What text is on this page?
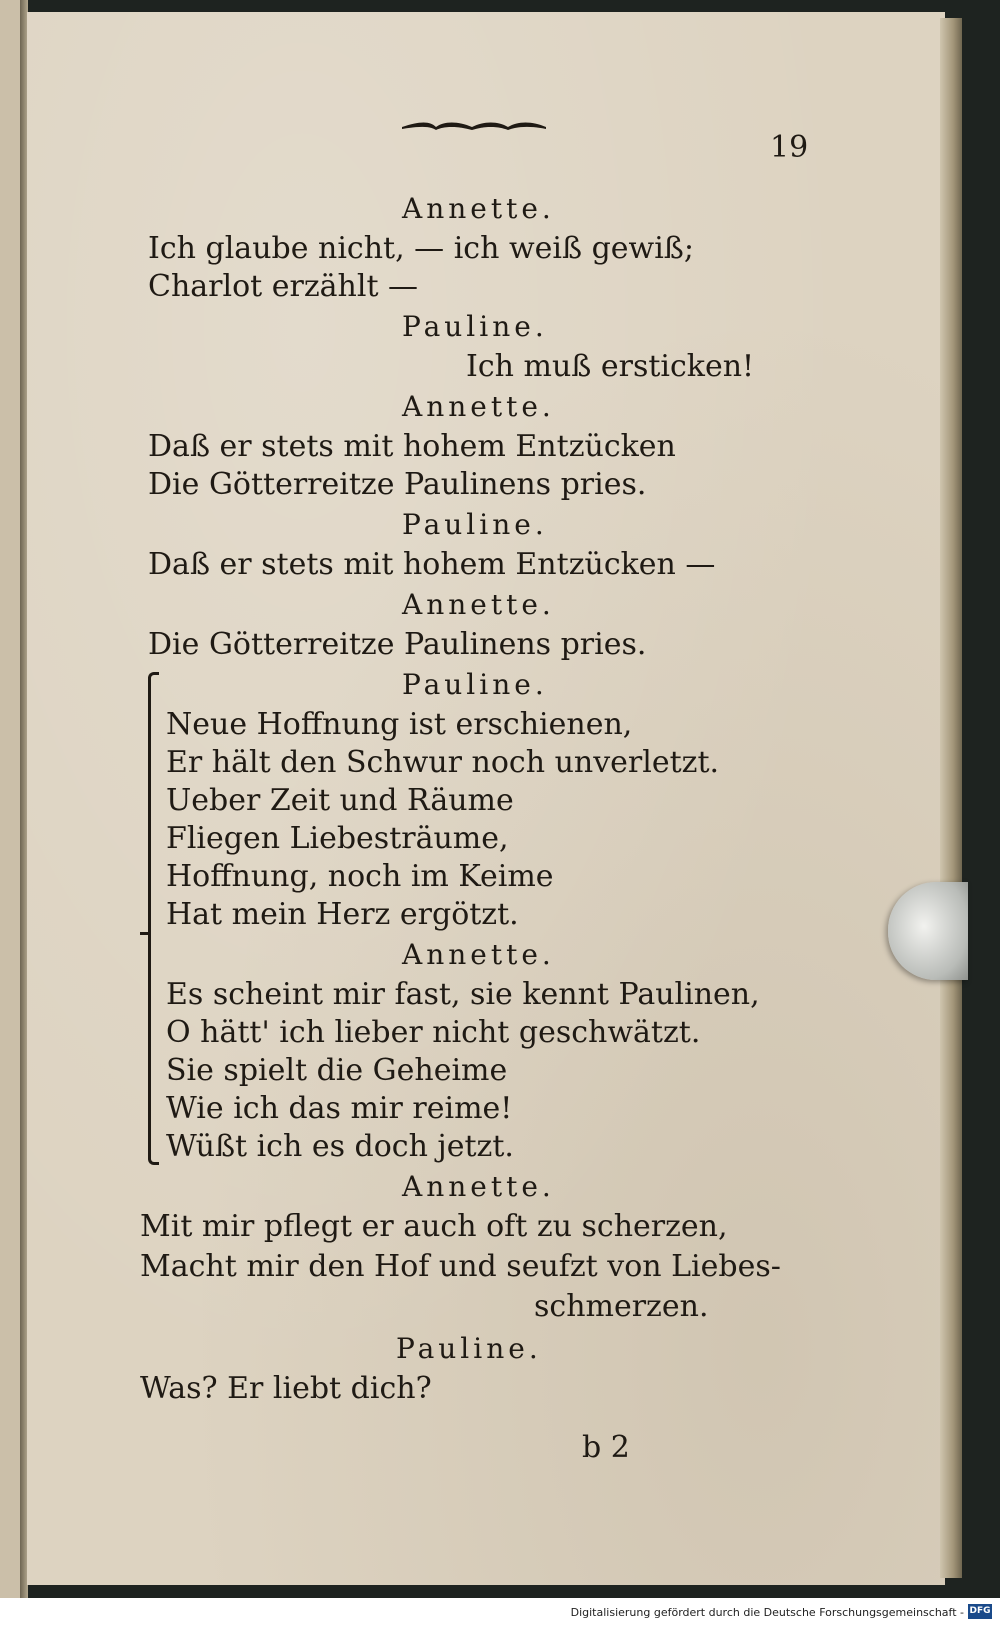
19
Annette.
Ich glaube nicht, — ich weiß gewiß;
Charlot erzählt —
Pauline.
Ich muß ersticken!
Annette.
Daß er stets mit hohem Entzücken
Die Götterreitze Paulinens pries.
Pauline.
Daß er stets mit hohem Entzücken —
Annette.
Die Götterreitze Paulinens pries.
Pauline.
Neue Hoffnung ist erschienen,
Er hält den Schwur noch unverletzt.
Ueber Zeit und Räume
Fliegen Liebesträume,
Hoffnung, noch im Keime
Hat mein Herz ergötzt.
Annette.
Es scheint mir fast, sie kennt Paulinen,
O hätt' ich lieber nicht geschwätzt.
Sie spielt die Geheime
Wie ich das mir reime!
Wüßt ich es doch jetzt.
Annette.
Mit mir pflegt er auch oft zu scherzen,
Macht mir den Hof und seufzt von Liebes-
schmerzen.
Pauline.
Was? Er liebt dich?
b 2
Digitalisierung gefördert durch die Deutsche Forschungsgemeinschaft - DFG
